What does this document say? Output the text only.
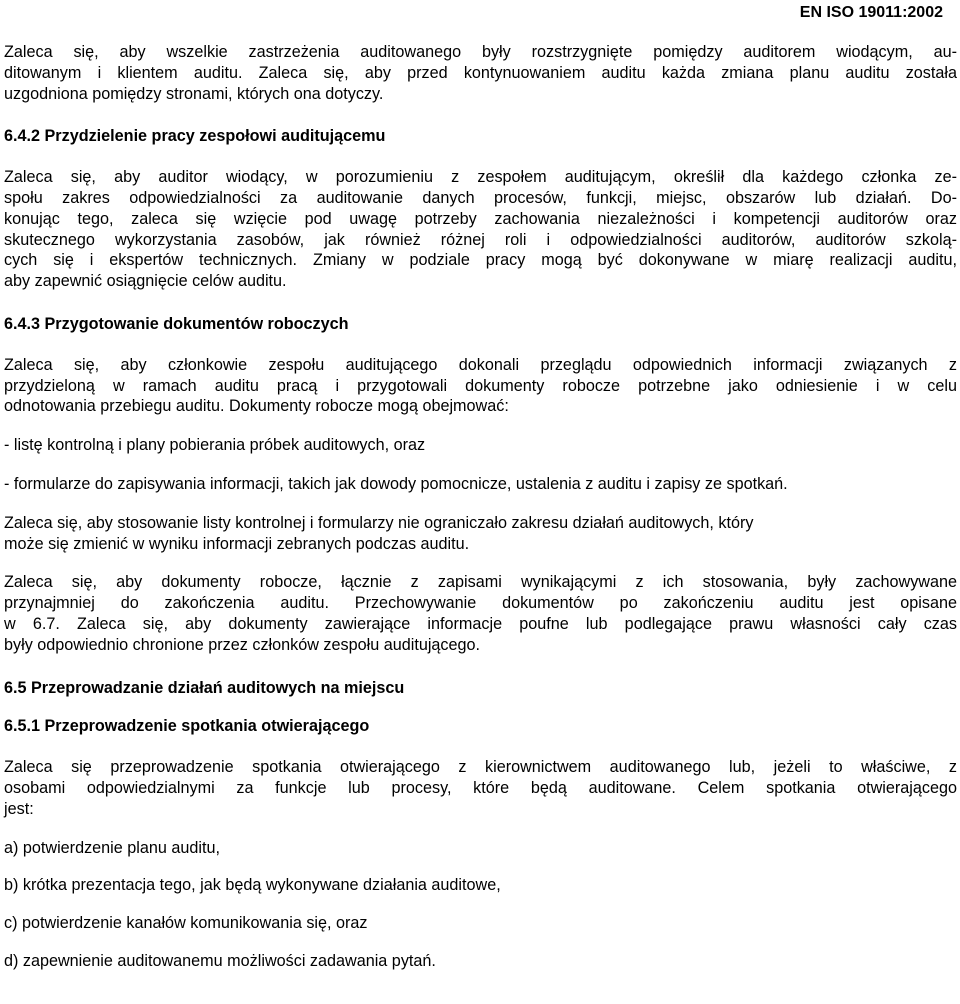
EN ISO 19011:2002

Zaleca się, aby wszelkie zastrzeżenia auditowanego były rozstrzygnięte pomiędzy auditorem wiodącym, au-
ditowanym i klientem auditu. Zaleca się, aby przed kontynuowaniem auditu każda zmiana planu auditu została
uzgodniona pomiędzy stronami, których ona dotyczy.

6.4.2 Przydzielenie pracy zespołowi auditującemu

Zaleca się, aby auditor wiodący, w porozumieniu z zespołem auditującym, określił dla każdego członka ze-
społu zakres odpowiedzialności za auditowanie danych procesów, funkcji, miejsc, obszarów lub działań. Do-
konując tego, zaleca się wzięcie pod uwagę potrzeby zachowania niezależności i kompetencji auditorów oraz
skutecznego wykorzystania zasobów, jak również różnej roli i odpowiedzialności auditorów, auditorów szkolą-
cych się i ekspertów technicznych. Zmiany w podziale pracy mogą być dokonywane w miarę realizacji auditu,
aby zapewnić osiągnięcie celów auditu.

6.4.3 Przygotowanie dokumentów roboczych

Zaleca się, aby członkowie zespołu auditującego dokonali przeglądu odpowiednich informacji związanych z
przydzieloną w ramach auditu pracą i przygotowali dokumenty robocze potrzebne jako odniesienie i w celu
odnotowania przebiegu auditu. Dokumenty robocze mogą obejmować:

- listę kontrolną i plany pobierania próbek auditowych, oraz
- formularze do zapisywania informacji, takich jak dowody pomocnicze, ustalenia z auditu i zapisy ze spotkań.

Zaleca się, aby stosowanie listy kontrolnej i formularzy nie ograniczało zakresu działań auditowych, który
może się zmienić w wyniku informacji zebranych podczas auditu.

Zaleca się, aby dokumenty robocze, łącznie z zapisami wynikającymi z ich stosowania, były zachowywane
przynajmniej do zakończenia auditu. Przechowywanie dokumentów po zakończeniu auditu jest opisane
w 6.7. Zaleca się, aby dokumenty zawierające informacje poufne lub podlegające prawu własności cały czas
były odpowiednio chronione przez członków zespołu auditującego.

6.5 Przeprowadzanie działań auditowych na miejscu
6.5.1 Przeprowadzenie spotkania otwierającego

Zaleca się przeprowadzenie spotkania otwierającego z kierownictwem auditowanego lub, jeżeli to właściwe, z
osobami odpowiedzialnymi za funkcje lub procesy, które będą auditowane. Celem spotkania otwierającego
jest:

a) potwierdzenie planu auditu,
b) krótka prezentacja tego, jak będą wykonywane działania auditowe,
c) potwierdzenie kanałów komunikowania się, oraz
d) zapewnienie auditowanemu możliwości zadawania pytań.
